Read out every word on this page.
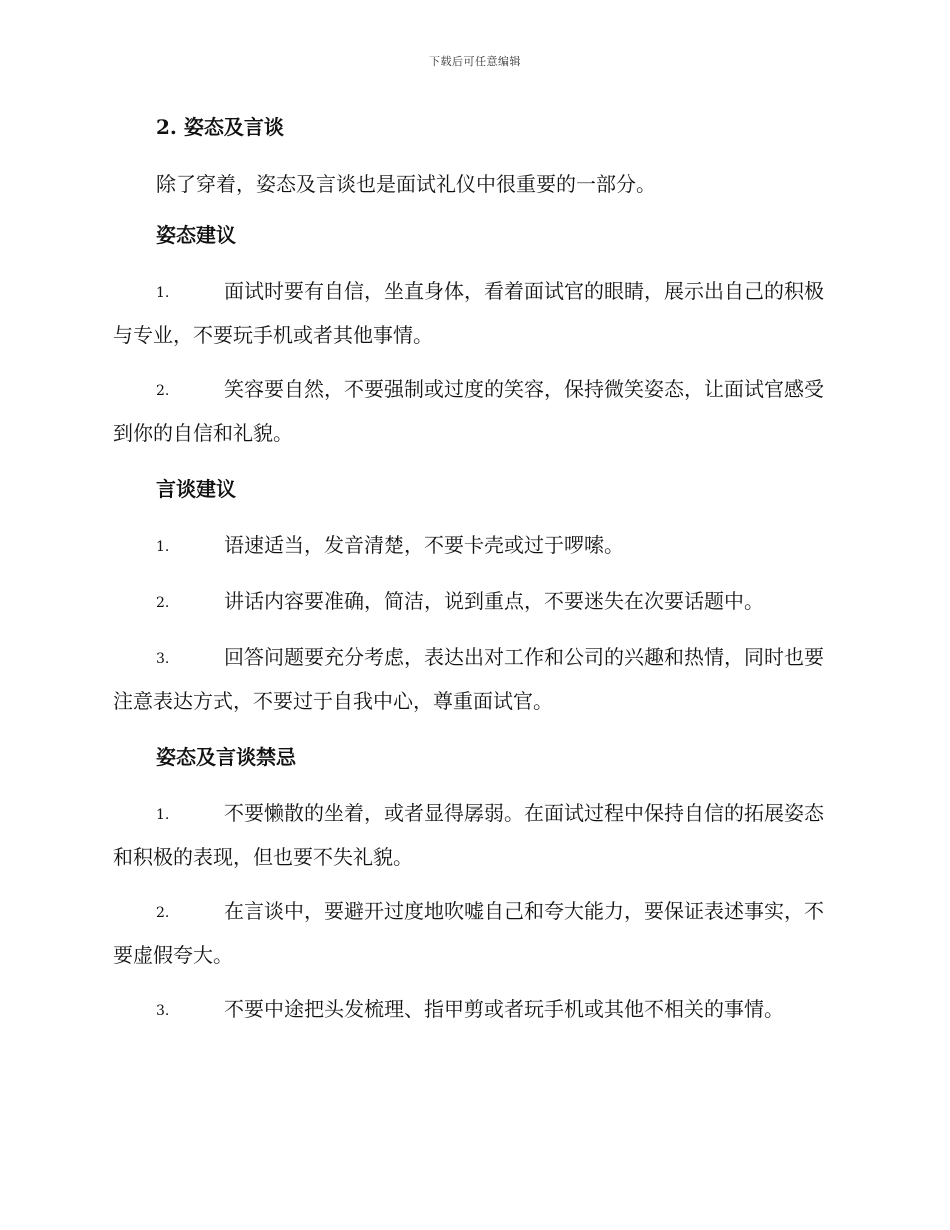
下载后可任意编辑
2. 姿态及言谈

除了穿着，姿态及言谈也是面试礼仪中很重要的一部分。

姿态建议

1.	面试时要有自信，坐直身体，看着面试官的眼睛，展示出自己的积极与专业，不要玩手机或者其他事情。

2.	笑容要自然，不要强制或过度的笑容，保持微笑姿态，让面试官感受到你的自信和礼貌。

言谈建议

1.	语速适当，发音清楚，不要卡壳或过于啰嗦。

2.	讲话内容要准确，简洁，说到重点，不要迷失在次要话题中。

3.	回答问题要充分考虑，表达出对工作和公司的兴趣和热情，同时也要注意表达方式，不要过于自我中心，尊重面试官。

姿态及言谈禁忌

1.	不要懒散的坐着，或者显得孱弱。在面试过程中保持自信的拓展姿态和积极的表现，但也要不失礼貌。

2.	在言谈中，要避开过度地吹嘘自己和夸大能力，要保证表述事实，不要虚假夸大。

3.	不要中途把头发梳理、指甲剪或者玩手机或其他不相关的事情。
